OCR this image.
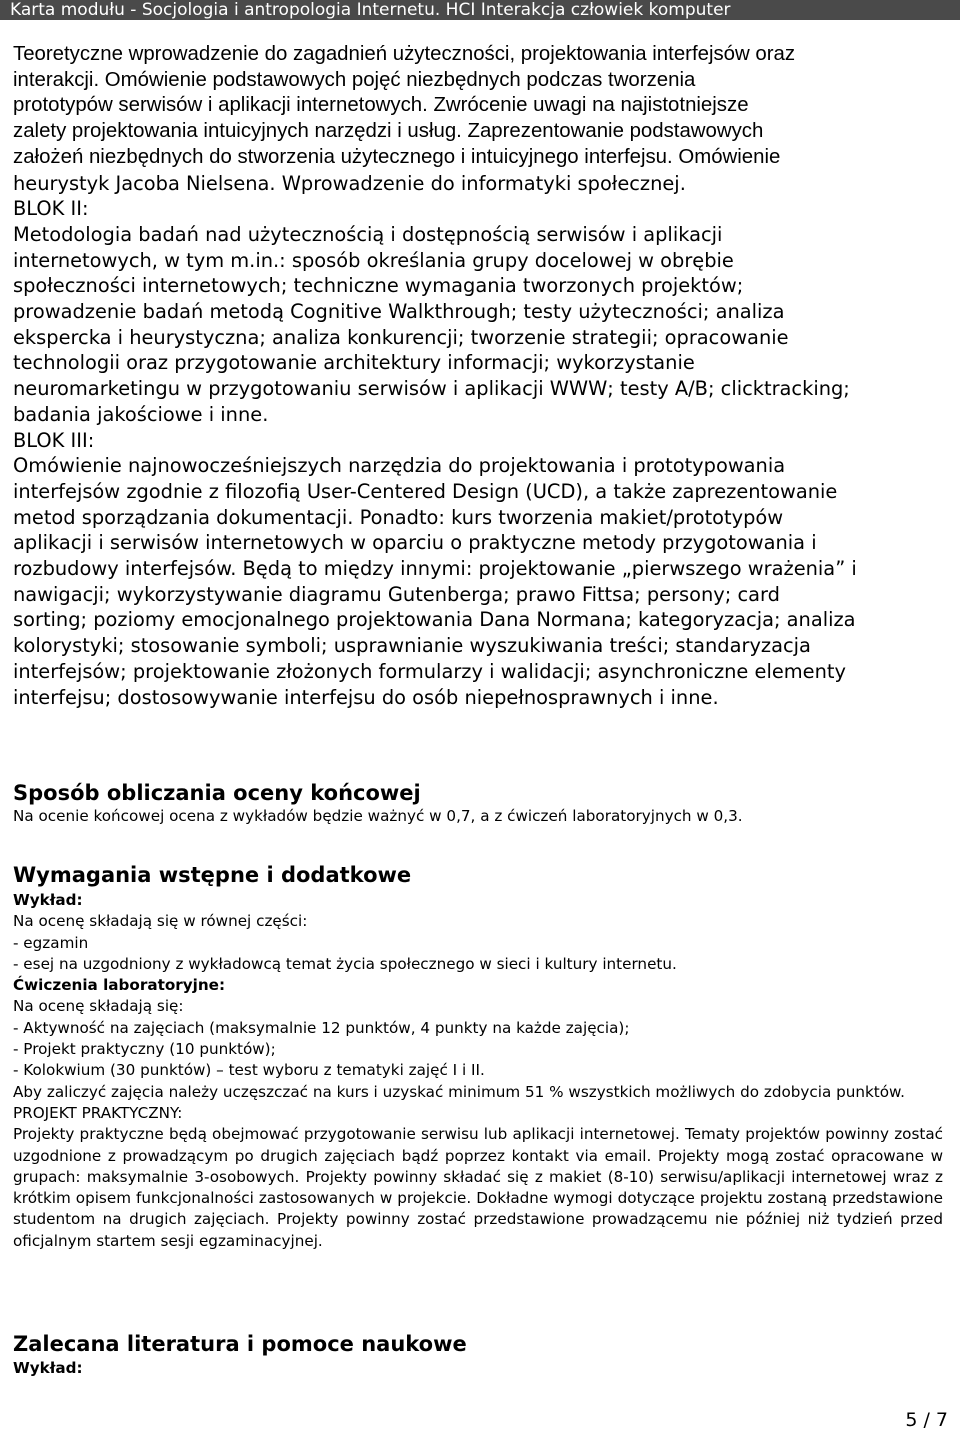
Karta modułu - Socjologia i antropologia Internetu. HCI Interakcja człowiek komputer
Teoretyczne wprowadzenie do zagadnień użyteczności, projektowania interfejsów oraz
interakcji. Omówienie podstawowych pojęć niezbędnych podczas tworzenia
prototypów serwisów i aplikacji internetowych. Zwrócenie uwagi na najistotniejsze
zalety projektowania intuicyjnych narzędzi i usług. Zaprezentowanie podstawowych
założeń niezbędnych do stworzenia użytecznego i intuicyjnego interfejsu. Omówienie
heurystyk Jacoba Nielsena. Wprowadzenie do informatyki społecznej.
BLOK II:
Metodologia badań nad użytecznością i dostępnością serwisów i aplikacji
internetowych, w tym m.in.: sposób określania grupy docelowej w obrębie
społeczności internetowych; techniczne wymagania tworzonych projektów;
prowadzenie badań metodą Cognitive Walkthrough; testy użyteczności; analiza
ekspercka i heurystyczna; analiza konkurencji; tworzenie strategii; opracowanie
technologii oraz przygotowanie architektury informacji; wykorzystanie
neuromarketingu w przygotowaniu serwisów i aplikacji WWW; testy A/B; clicktracking;
badania jakościowe i inne.
BLOK III:
Omówienie najnowocześniejszych narzędzia do projektowania i prototypowania
interfejsów zgodnie z filozofią User-Centered Design (UCD), a także zaprezentowanie
metod sporządzania dokumentacji. Ponadto: kurs tworzenia makiet/prototypów
aplikacji i serwisów internetowych w oparciu o praktyczne metody przygotowania i
rozbudowy interfejsów. Będą to między innymi: projektowanie „pierwszego wrażenia” i
nawigacji; wykorzystywanie diagramu Gutenberga; prawo Fittsa; persony; card
sorting; poziomy emocjonalnego projektowania Dana Normana; kategoryzacja; analiza
kolorystyki; stosowanie symboli; usprawnianie wyszukiwania treści; standaryzacja
interfejsów; projektowanie złożonych formularzy i walidacji; asynchroniczne elementy
interfejsu; dostosowywanie interfejsu do osób niepełnosprawnych i inne.
Sposób obliczania oceny końcowej
Na ocenie końcowej ocena z wykładów będzie ważnyć w 0,7, a z ćwiczeń laboratoryjnych w 0,3.
Wymagania wstępne i dodatkowe
Wykład:
Na ocenę składają się w równej części:
- egzamin
- esej na uzgodniony z wykładowcą temat życia społecznego w sieci i kultury internetu.
Ćwiczenia laboratoryjne:
Na ocenę składają się:
- Aktywność na zajęciach (maksymalnie 12 punktów, 4 punkty na każde zajęcia);
- Projekt praktyczny (10 punktów);
- Kolokwium (30 punktów) – test wyboru z tematyki zajęć I i II.
Aby zaliczyć zajęcia należy uczęszczać na kurs i uzyskać minimum 51 % wszystkich możliwych do zdobycia punktów.
PROJEKT PRAKTYCZNY:
Projekty praktyczne będą obejmować przygotowanie serwisu lub aplikacji internetowej. Tematy projektów powinny zostać uzgodnione z prowadzącym po drugich zajęciach bądź poprzez kontakt via email. Projekty mogą zostać opracowane w grupach: maksymalnie 3-osobowych. Projekty powinny składać się z makiet (8-10) serwisu/aplikacji internetowej wraz z krótkim opisem funkcjonalności zastosowanych w projekcie. Dokładne wymogi dotyczące projektu zostaną przedstawione studentom na drugich zajęciach. Projekty powinny zostać przedstawione prowadzącemu nie później niż tydzień przed oficjalnym startem sesji egzaminacyjnej.
Zalecana literatura i pomoce naukowe
Wykład:
5 / 7
